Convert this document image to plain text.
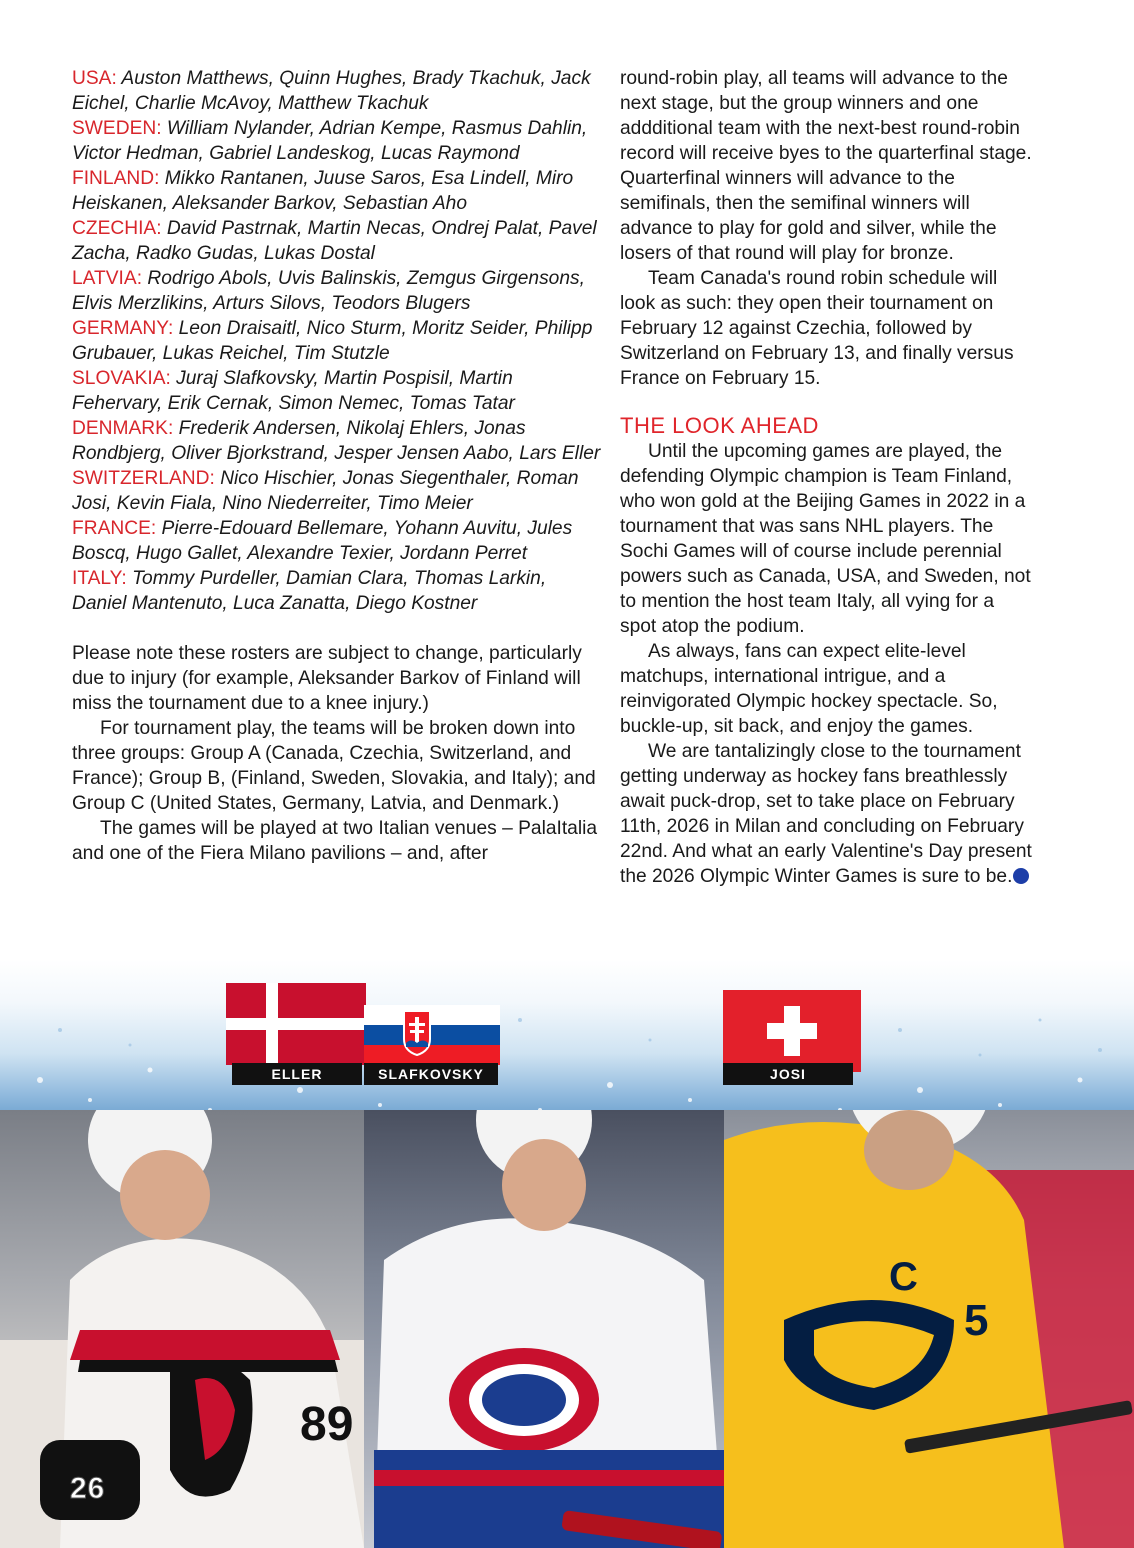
USA: Auston Matthews, Quinn Hughes, Brady Tkachuk, Jack Eichel, Charlie McAvoy, Matthew Tkachuk

SWEDEN: William Nylander, Adrian Kempe, Rasmus Dahlin, Victor Hedman, Gabriel Landeskog, Lucas Raymond

FINLAND: Mikko Rantanen, Juuse Saros, Esa Lindell, Miro Heiskanen, Aleksander Barkov, Sebastian Aho

CZECHIA: David Pastrnak, Martin Necas, Ondrej Palat, Pavel Zacha, Radko Gudas, Lukas Dostal

LATVIA: Rodrigo Abols, Uvis Balinskis, Zemgus Girgensons, Elvis Merzlikins, Arturs Silovs, Teodors Blugers

GERMANY: Leon Draisaitl, Nico Sturm, Moritz Seider, Philipp Grubauer, Lukas Reichel, Tim Stutzle

SLOVAKIA: Juraj Slafkovsky, Martin Pospisil, Martin Fehervary, Erik Cernak, Simon Nemec, Tomas Tatar

DENMARK: Frederik Andersen, Nikolaj Ehlers, Jonas Rondbjerg, Oliver Bjorkstrand, Jesper Jensen Aabo, Lars Eller

SWITZERLAND: Nico Hischier, Jonas Siegenthaler, Roman Josi, Kevin Fiala, Nino Niederreiter, Timo Meier

FRANCE: Pierre-Edouard Bellemare, Yohann Auvitu, Jules Boscq, Hugo Gallet, Alexandre Texier, Jordann Perret

ITALY: Tommy Purdeller, Damian Clara, Thomas Larkin, Daniel Mantenuto, Luca Zanatta, Diego Kostner

Please note these rosters are subject to change, particularly due to injury (for example, Aleksander Barkov of Finland will miss the tournament due to a knee injury.)

For tournament play, the teams will be broken down into three groups: Group A (Canada, Czechia, Switzerland, and France); Group B, (Finland, Sweden, Slovakia, and Italy); and Group C (United States, Germany, Latvia, and Denmark.)

The games will be played at two Italian venues – PalaItalia and one of the Fiera Milano pavilions – and, after

round-robin play, all teams will advance to the next stage, but the group winners and one addditional team with the next-best round-robin record will receive byes to the quarterfinal stage. Quarterfinal winners will advance to the semifinals, then the semifinal winners will advance to play for gold and silver, while the losers of that round will play for bronze.

Team Canada's round robin schedule will look as such: they open their tournament on February 12 against Czechia, followed by Switzerland on February 13, and finally versus France on February 15.

THE LOOK AHEAD

Until the upcoming games are played, the defending Olympic champion is Team Finland, who won gold at the Beijing Games in 2022 in a tournament that was sans NHL players. The Sochi Games will of course include perennial powers such as Canada, USA, and Sweden, not to mention the host team Italy, all vying for a spot atop the podium.

As always, fans can expect elite-level matchups, international intrigue, and a reinvigorated Olympic hockey spectacle. So, buckle-up, sit back, and enjoy the games.

We are tantalizingly close to the tournament getting underway as hockey fans breathlessly await puck-drop, set to take place on February 11th, 2026 in Milan and concluding on February 22nd. And what an early Valentine's Day present the 2026 Olympic Winter Games is sure to be.

89
C
5
ELLER	SLAFKOVSKY	JOSI
26
